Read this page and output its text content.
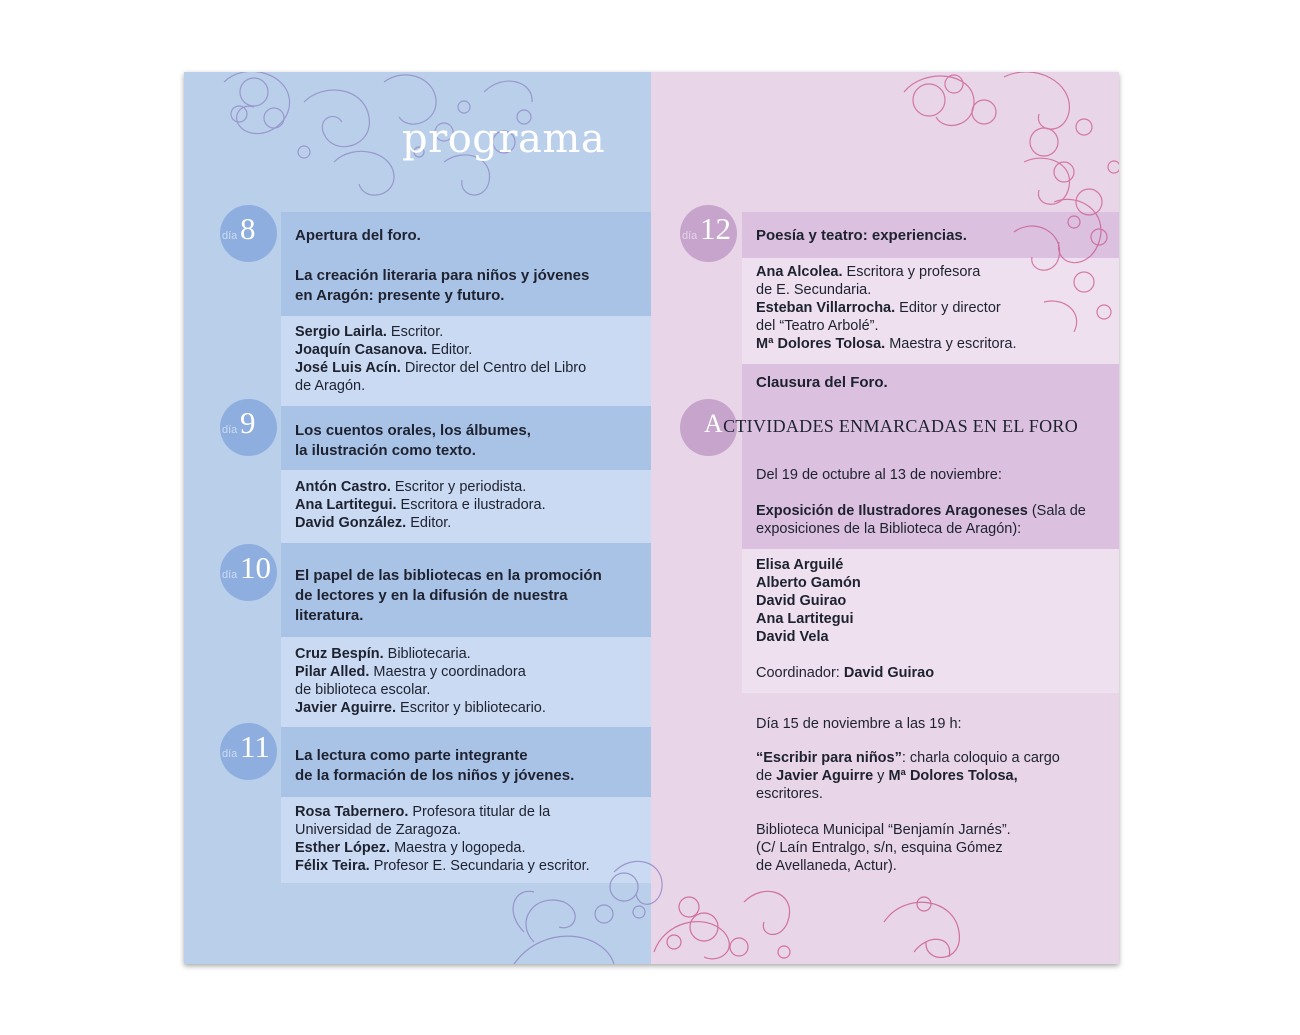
programa
día 8	Apertura del foro.
La creación literaria para niños y jóvenes
en Aragón: presente y futuro.
Sergio Lairla. Escritor.
Joaquín Casanova. Editor.
José Luis Acín. Director del Centro del Libro
de Aragón.
día 9	Los cuentos orales, los álbumes,
la ilustración como texto.
Antón Castro. Escritor y periodista.
Ana Lartitegui. Escritora e ilustradora.
David González. Editor.
día 10 El papel de las bibliotecas en la promoción
de lectores y en la difusión de nuestra
literatura.
Cruz Bespín. Bibliotecaria.
Pilar Alled. Maestra y coordinadora
de biblioteca escolar.
Javier Aguirre. Escritor y bibliotecario.
día 11 La lectura como parte integrante
de la formación de los niños y jóvenes.
Rosa Tabernero. Profesora titular de la
Universidad de Zaragoza.
Esther López. Maestra y logopeda.
Félix Teira. Profesor E. Secundaria y escritor.
día 12 Poesía y teatro: experiencias.
Ana Alcolea. Escritora y profesora
de E. Secundaria.
Esteban Villarrocha. Editor y director
del “Teatro Arbolé”.
Mª Dolores Tolosa. Maestra y escritora.
Clausura del Foro.
ACTIVIDADES ENMARCADAS EN EL FORO
Del 19 de octubre al 13 de noviembre:
Exposición de Ilustradores Aragoneses (Sala de
exposiciones de la Biblioteca de Aragón):
Elisa Arguilé
Alberto Gamón
David Guirao
Ana Lartitegui
David Vela
Coordinador: David Guirao
Día 15 de noviembre a las 19 h:
“Escribir para niños”: charla coloquio a cargo
de Javier Aguirre y Mª Dolores Tolosa,
escritores.
Biblioteca Municipal “Benjamín Jarnés”.
(C/ Laín Entralgo, s/n, esquina Gómez
de Avellaneda, Actur).
